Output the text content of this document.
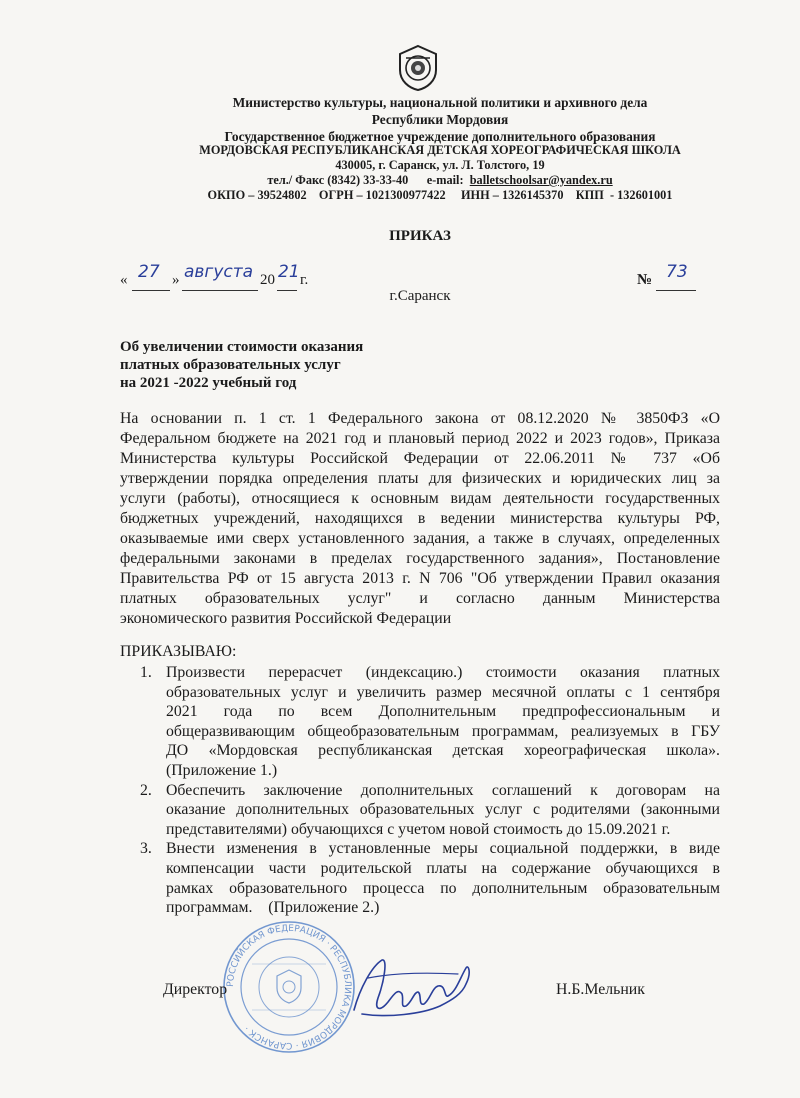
Министерство культуры, национальной политики и архивного дела
Республики Мордовия
Государственное бюджетное учреждение дополнительного образования
МОРДОВСКАЯ РЕСПУБЛИКАНСКАЯ ДЕТСКАЯ ХОРЕОГРАФИЧЕСКАЯ ШКОЛА
430005, г. Саранск, ул. Л. Толстого, 19
тел./ Факс (8342) 33-33-40      e-mail:  balletschoolsar@yandex.ru
ОКПО – 39524802    ОГРН – 1021300977422     ИНН – 1326145370    КПП  - 132601001
ПРИКАЗ
« 27 » августа 20 21 г.	№ 73
г.Саранск
Об увеличении стоимости оказания
платных образовательных услуг
на 2021 -2022 учебный год
На основании п. 1 ст. 1 Федерального закона от 08.12.2020 № 3850ФЗ «О
Федеральном бюджете на 2021 год и плановый период 2022 и 2023 годов», Приказа
Министерства культуры Российской Федерации от 22.06.2011 № 737 «Об
утверждении порядка определения платы для физических и юридических лиц за
услуги (работы), относящиеся к основным видам деятельности государственных
бюджетных учреждений, находящихся в ведении министерства культуры РФ,
оказываемые ими сверх установленного задания, а также в случаях, определенных
федеральными законами в пределах государственного задания», Постановление
Правительства РФ от 15 августа 2013 г. N 706 "Об утверждении Правил оказания
платных образовательных услуг" и согласно данным Министерства
экономического развития Российской Федерации
ПРИКАЗЫВАЮ:
1. Произвести перерасчет (индексацию.) стоимости оказания платных
образовательных услуг и увеличить размер месячной оплаты с 1 сентября
2021 года по всем Дополнительным предпрофессиональным и
общеразвивающим общеобразовательным программам, реализуемых в ГБУ
ДО «Мордовская республиканская детская хореографическая школа».
(Приложение 1.)
2. Обеспечить заключение дополнительных соглашений к договорам на
оказание дополнительных образовательных услуг с родителями (законными
представителями) обучающихся с учетом новой стоимость до 15.09.2021 г.
3. Внести изменения в установленные меры социальной поддержки, в виде
компенсации части родительской платы на содержание обучающихся в
рамках образовательного процесса по дополнительным образовательным
программам.    (Приложение 2.)
РОССИЙСКАЯ ФЕДЕРАЦИЯ · РЕСПУБЛИКА МОРДОВИЯ · САРАНСК ·
Директор	Н.Б.Мельник
